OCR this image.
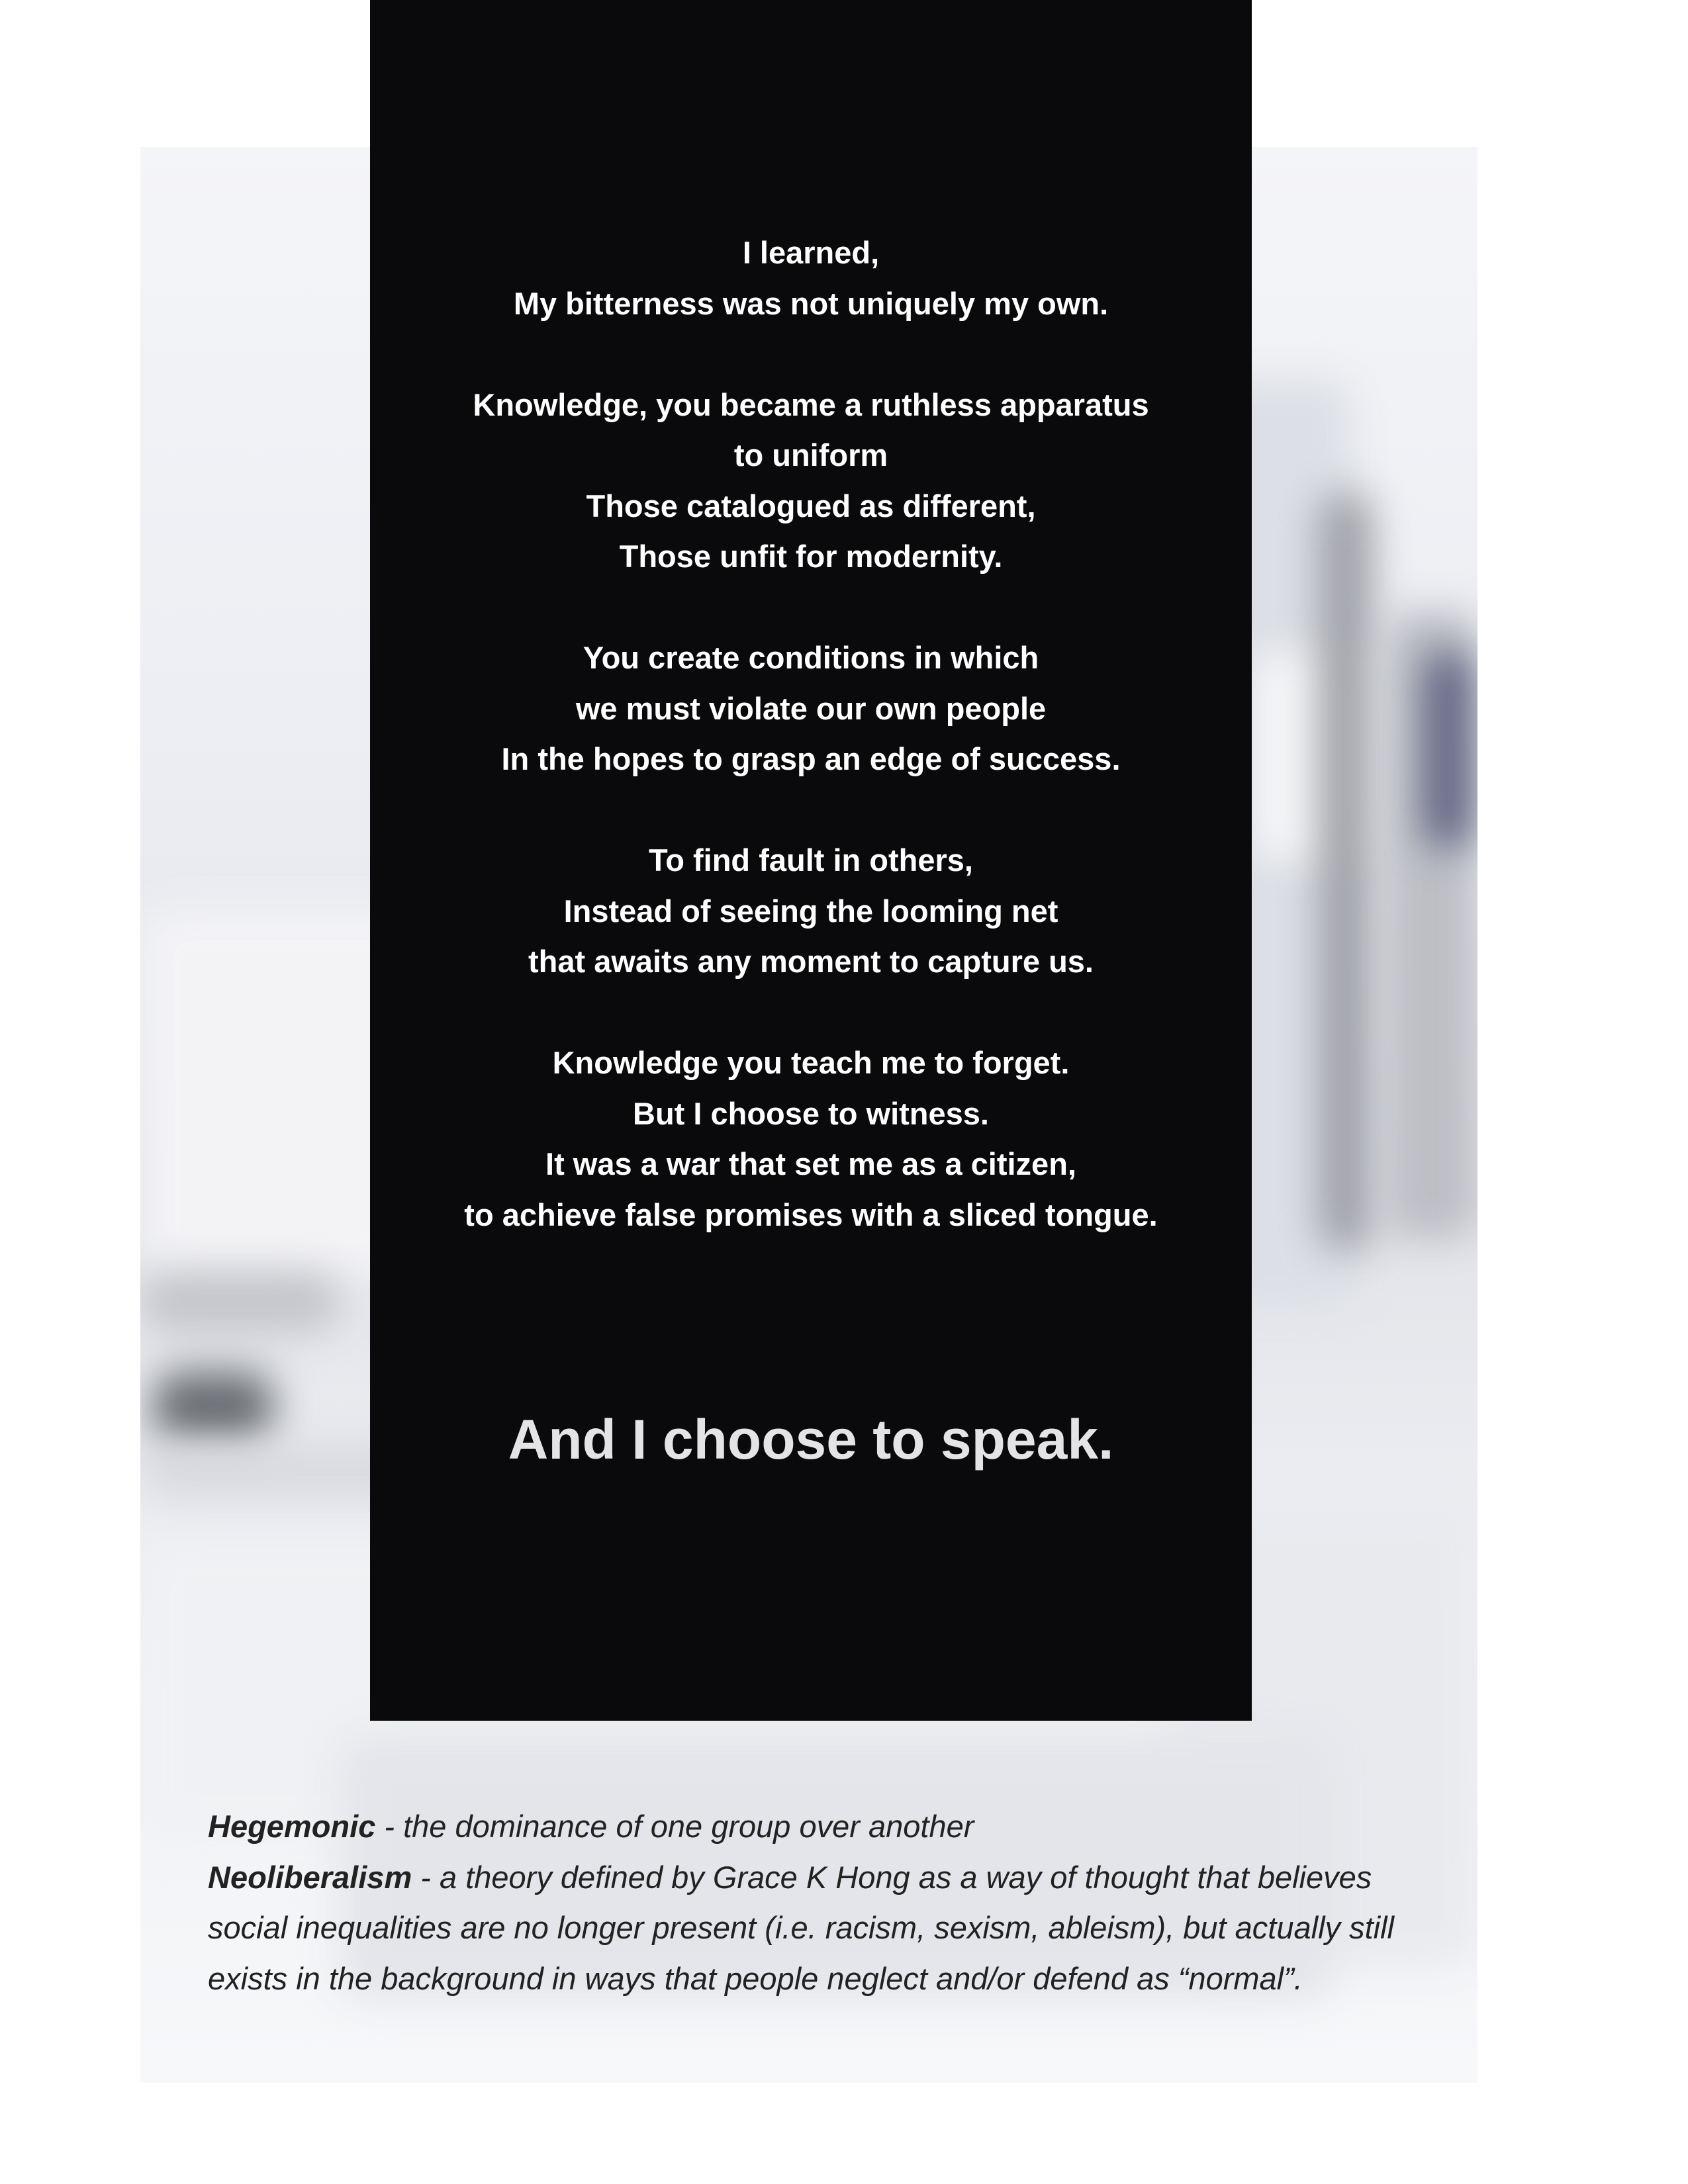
I learned,
My bitterness was not uniquely my own.
Knowledge, you became a ruthless apparatus
to uniform
Those catalogued as different,
Those unfit for modernity.
You create conditions in which
we must violate our own people
In the hopes to grasp an edge of success.
To find fault in others,
Instead of seeing the looming net
that awaits any moment to capture us.
Knowledge you teach me to forget.
But I choose to witness.
It was a war that set me as a citizen,
to achieve false promises with a sliced tongue.
And I choose to speak.

Hegemonic - the dominance of one group over another

Neoliberalism - a theory defined by Grace K Hong as a way of thought that believes social inequalities are no longer present (i.e. racism, sexism, ableism), but actually still exists in the background in ways that people neglect and/or defend as “normal”.
